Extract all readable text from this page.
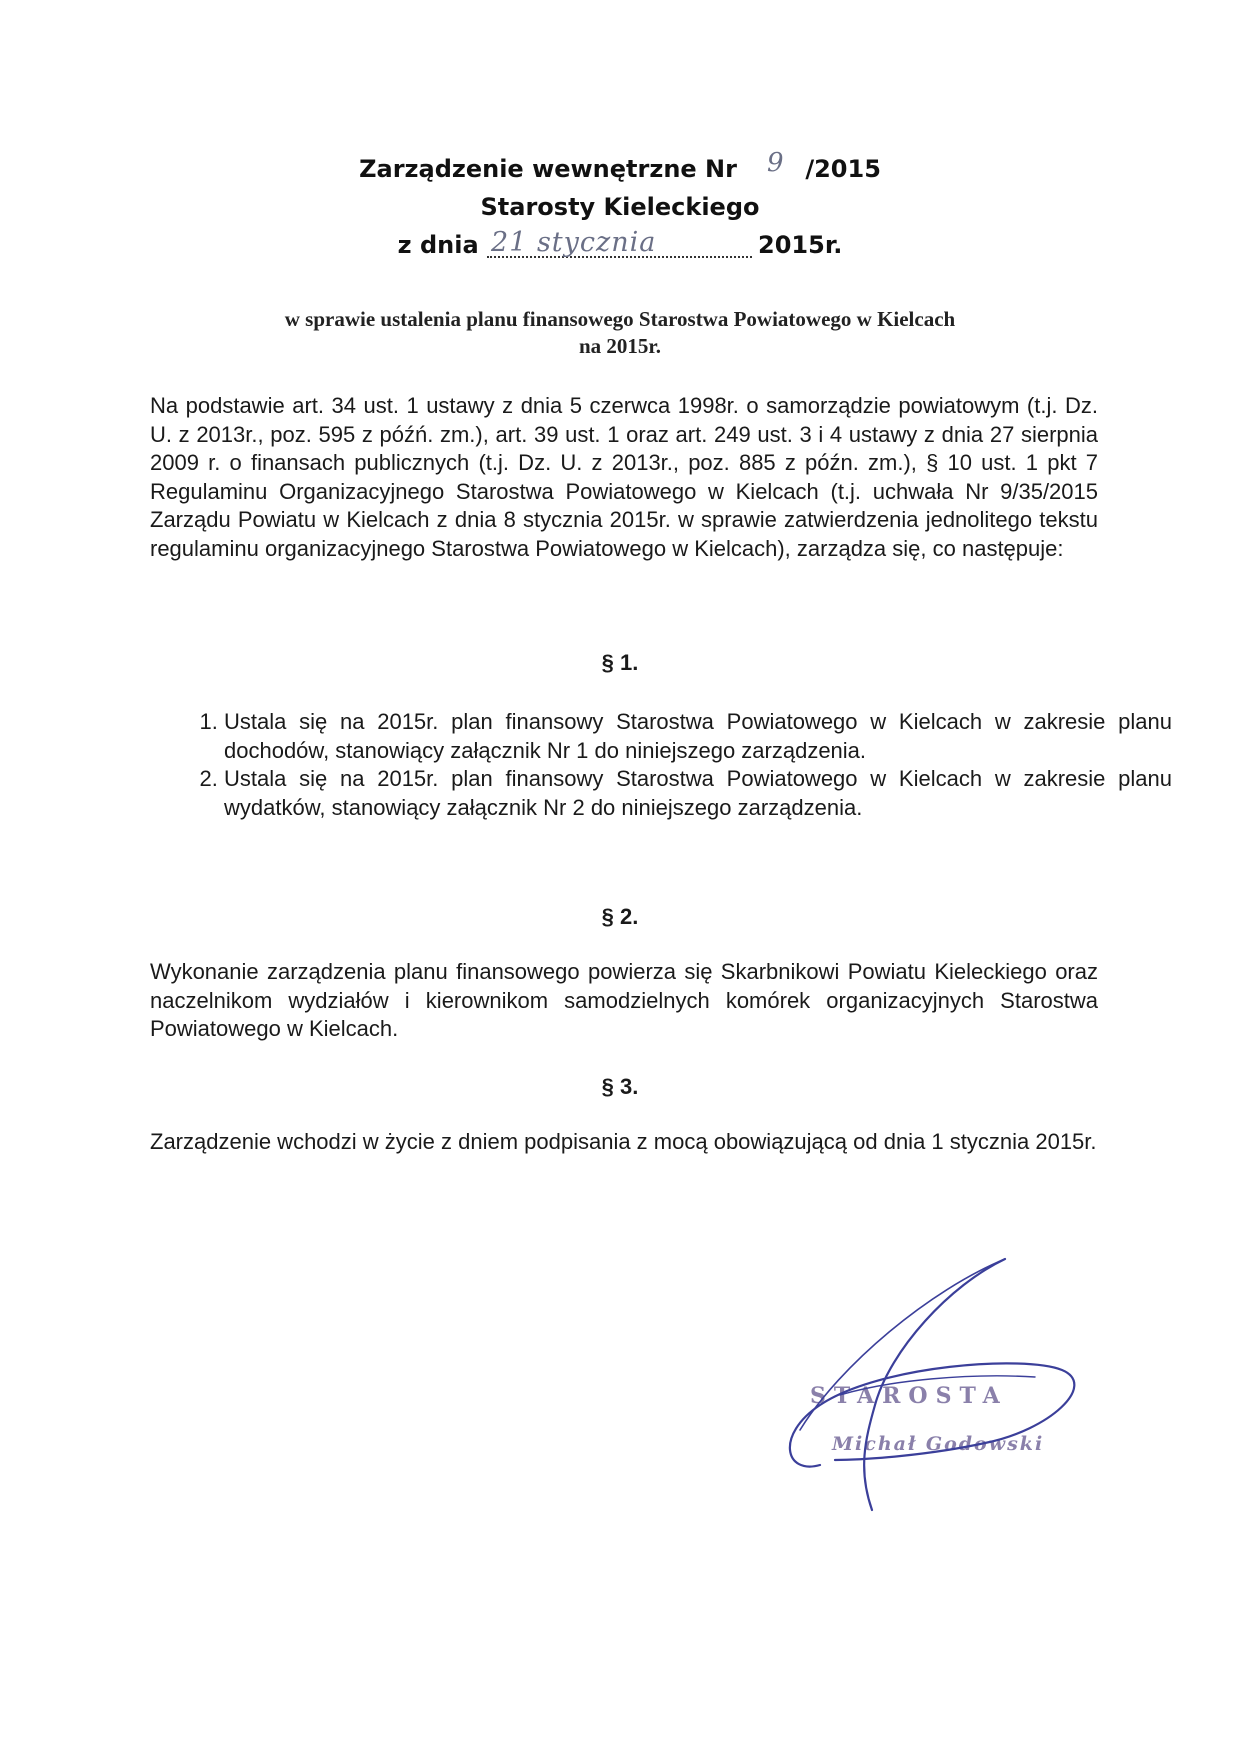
Zarządzenie wewnętrzne Nr 9 /2015
Starosty Kieleckiego
z dnia 21 stycznia	2015r.
w sprawie ustalenia planu finansowego Starostwa Powiatowego w Kielcach
na 2015r.
Na podstawie art. 34 ust. 1 ustawy z dnia 5 czerwca 1998r. o samorządzie powiatowym (t.j. Dz. U. z 2013r., poz. 595 z późń. zm.), art. 39 ust. 1 oraz art. 249 ust. 3 i 4 ustawy z dnia 27 sierpnia 2009 r. o finansach publicznych (t.j. Dz. U. z 2013r., poz. 885 z późn. zm.), § 10 ust. 1 pkt 7 Regulaminu Organizacyjnego Starostwa Powiatowego w Kielcach (t.j. uchwała Nr 9/35/2015 Zarządu Powiatu w Kielcach z dnia 8 stycznia 2015r. w sprawie zatwierdzenia jednolitego tekstu regulaminu organizacyjnego Starostwa Powiatowego w Kielcach), zarządza się, co następuje:
§ 1.
1. Ustala się na 2015r. plan finansowy Starostwa Powiatowego w Kielcach w zakresie planu dochodów, stanowiący załącznik Nr 1 do niniejszego zarządzenia.
2. Ustala się na 2015r. plan finansowy Starostwa Powiatowego w Kielcach w zakresie planu wydatków, stanowiący załącznik Nr 2 do niniejszego zarządzenia.
§ 2.
Wykonanie zarządzenia planu finansowego powierza się Skarbnikowi Powiatu Kieleckiego oraz naczelnikom wydziałów i kierownikom samodzielnych komórek organizacyjnych Starostwa Powiatowego w Kielcach.
§ 3.
Zarządzenie wchodzi w życie z dniem podpisania z mocą obowiązującą od dnia 1 stycznia 2015r.
STAROSTA
Michał Godowski
